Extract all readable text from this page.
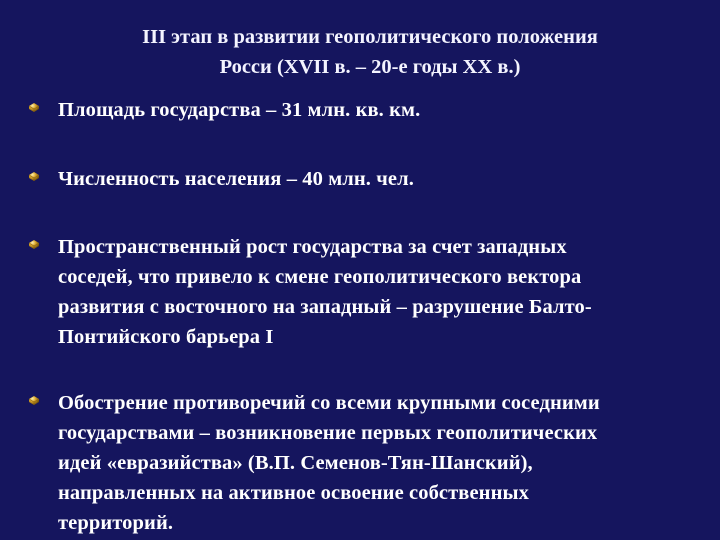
III этап в развитии геополитического положения
Росси (XVII в. – 20-е годы XX в.)
Площадь государства – 31 млн. кв. км.
Численность населения – 40 млн. чел.
Пространственный рост государства за счет западных
соседей, что привело к смене геополитического вектора
развития с восточного на западный – разрушение Балто-
Понтийского барьера I
Обострение противоречий со всеми крупными соседними
государствами – возникновение первых геополитических
идей «евразийства» (В.П. Семенов-Тян-Шанский),
направленных на активное освоение собственных
территорий.
